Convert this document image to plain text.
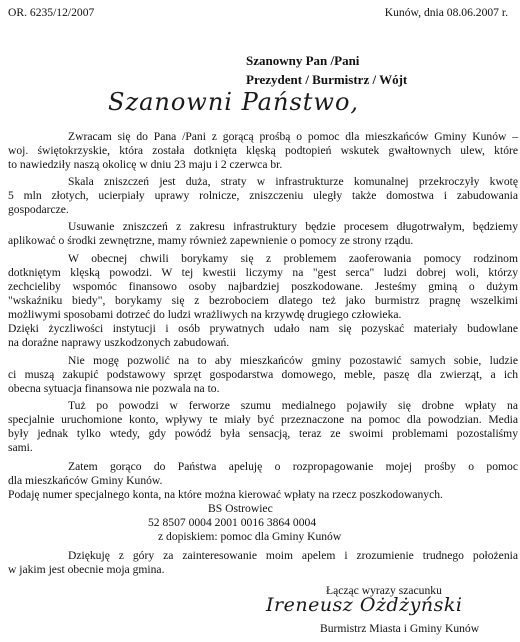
OR. 6235/12/2007	Kunów, dnia 08.06.2007 r.
Szanowny Pan /Pani
Prezydent / Burmistrz / Wójt
Szanowni Państwo,
Zwracam się do Pana /Pani z gorącą prośbą o pomoc dla mieszkańców Gminy Kunów –
woj. świętokrzyskie, która została dotknięta klęską podtopień wskutek gwałtownych ulew, które
to nawiedziły naszą okolicę w dniu 23 maju i 2 czerwca br.
Skala zniszczeń jest duża, straty w infrastrukturze komunalnej przekroczyły kwotę
5 mln złotych, ucierpiały uprawy rolnicze, zniszczeniu uległy także domostwa i zabudowania
gospodarcze.
Usuwanie zniszczeń z zakresu infrastruktury będzie procesem długotrwałym, będziemy
aplikować o środki zewnętrzne, mamy również zapewnienie o pomocy ze strony rządu.
W obecnej chwili borykamy się z problemem zaoferowania pomocy rodzinom
dotkniętym klęską powodzi. W tej kwestii liczymy na "gest serca" ludzi dobrej woli, którzy
zechcieliby wspomóc finansowo osoby najbardziej poszkodowane. Jesteśmy gminą o dużym
"wskaźniku biedy", borykamy się z bezrobociem dlatego też jako burmistrz pragnę wszelkimi
możliwymi sposobami dotrzeć do ludzi wrażliwych na krzywdę drugiego człowieka.
Dzięki życzliwości instytucji i osób prywatnych udało nam się pozyskać materiały budowlane
na doraźne naprawy uszkodzonych zabudowań.
Nie mogę pozwolić na to aby mieszkańców gminy pozostawić samych sobie, ludzie
ci muszą zakupić podstawowy sprzęt gospodarstwa domowego, meble, paszę dla zwierząt, a ich
obecna sytuacja finansowa nie pozwala na to.
Tuż po powodzi w ferworze szumu medialnego pojawiły się drobne wpłaty na
specjalnie uruchomione konto, wpływy te miały być przeznaczone na pomoc dla powodzian. Media
były jednak tylko wtedy, gdy powódź była sensacją, teraz ze swoimi problemami pozostaliśmy
sami.
Zatem gorąco do Państwa apeluję o rozpropagowanie mojej prośby o pomoc
dla mieszkańców Gminy Kunów.
Podaję numer specjalnego konta, na które można kierować wpłaty na rzecz poszkodowanych.
BS Ostrowiec
52 8507 0004 2001 0016 3864 0004
z dopiskiem: pomoc dla Gminy Kunów
Dziękuję z góry za zainteresowanie moim apelem i zrozumienie trudnego położenia
w jakim jest obecnie moja gmina.
Łącząc wyrazy szacunku
Ireneusz Ożdżyński
Burmistrz Miasta i Gminy Kunów
